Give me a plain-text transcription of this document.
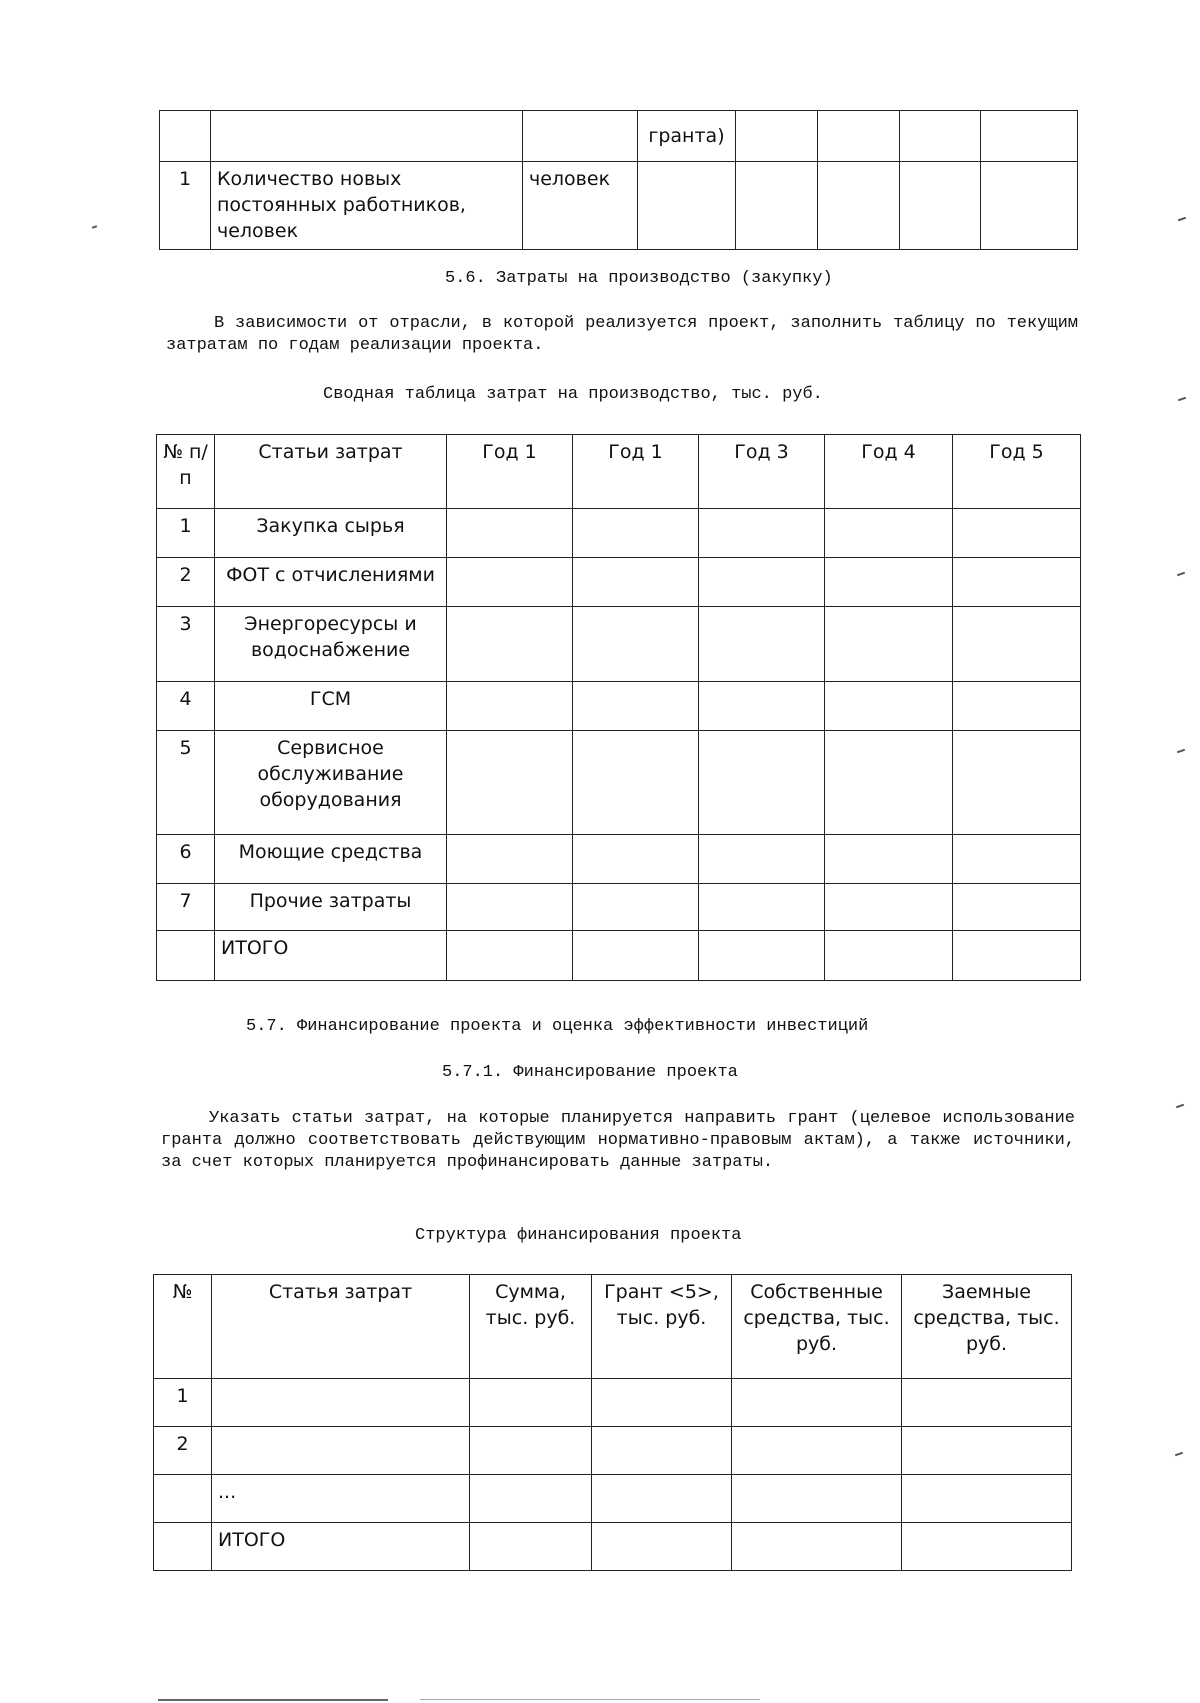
			гранта)				
1	Количество новых постоянных работников, человек	человек					
5.6. Затраты на производство (закупку)
В зависимости от отрасли, в которой реализуется проект, заполнить таблицу по текущим затратам по годам реализации проекта.
Сводная таблица затрат на производство, тыс. руб.
№ п/п	Статьи затрат	Год 1	Год 1	Год 3	Год 4	Год 5
1	Закупка сырья					
2	ФОТ с отчислениями					
3	Энергоресурсы и водоснабжение					
4	ГСМ					
5	Сервисное обслуживание оборудования					
6	Моющие средства					
7	Прочие затраты					
	ИТОГО					
5.7. Финансирование проекта и оценка эффективности инвестиций
5.7.1. Финансирование проекта
Указать статьи затрат, на которые планируется направить грант (целевое использование гранта должно соответствовать действующим нормативно-правовым актам), а также источники, за счет которых планируется профинансировать данные затраты.
Структура финансирования проекта
№	Статья затрат	Сумма, тыс. руб.	Грант <5>, тыс. руб.	Собственные средства, тыс. руб.	Заемные средства, тыс. руб.
1					
2					
	...				
	ИТОГО				
